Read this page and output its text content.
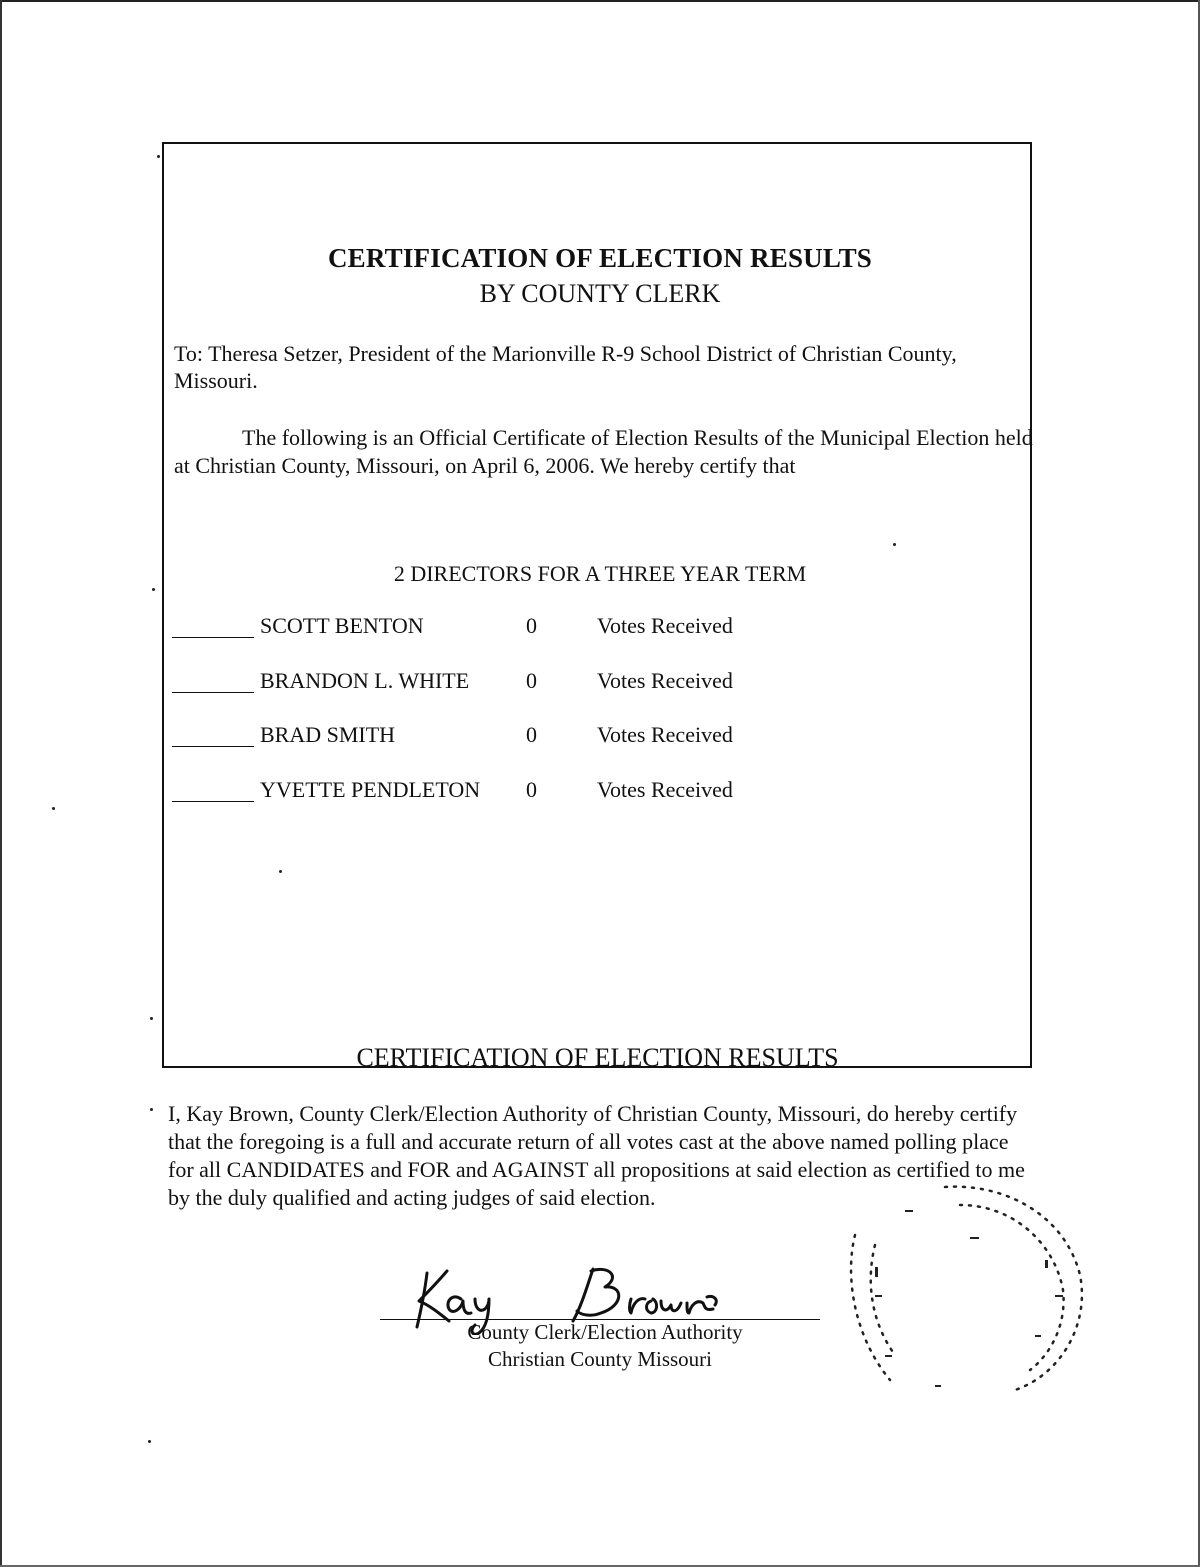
CERTIFICATION OF ELECTION RESULTS
BY COUNTY CLERK
To: Theresa Setzer, President of the Marionville R-9 School District of Christian County, Missouri.
The following is an Official Certificate of Election Results of the Municipal Election held at Christian County, Missouri, on April 6, 2006. We hereby certify that
2 DIRECTORS FOR A THREE YEAR TERM
SCOTT BENTON	0	Votes Received
BRANDON L. WHITE	0	Votes Received
BRAD SMITH	0	Votes Received
YVETTE PENDLETON 0	Votes Received
CERTIFICATION OF ELECTION RESULTS
I, Kay Brown, County Clerk/Election Authority of Christian County, Missouri, do hereby certify that the foregoing is a full and accurate return of all votes cast at the above named polling place for all CANDIDATES and FOR and AGAINST all propositions at said election as certified to me by the duly qualified and acting judges of said election.
County Clerk/Election Authority
Christian County Missouri
